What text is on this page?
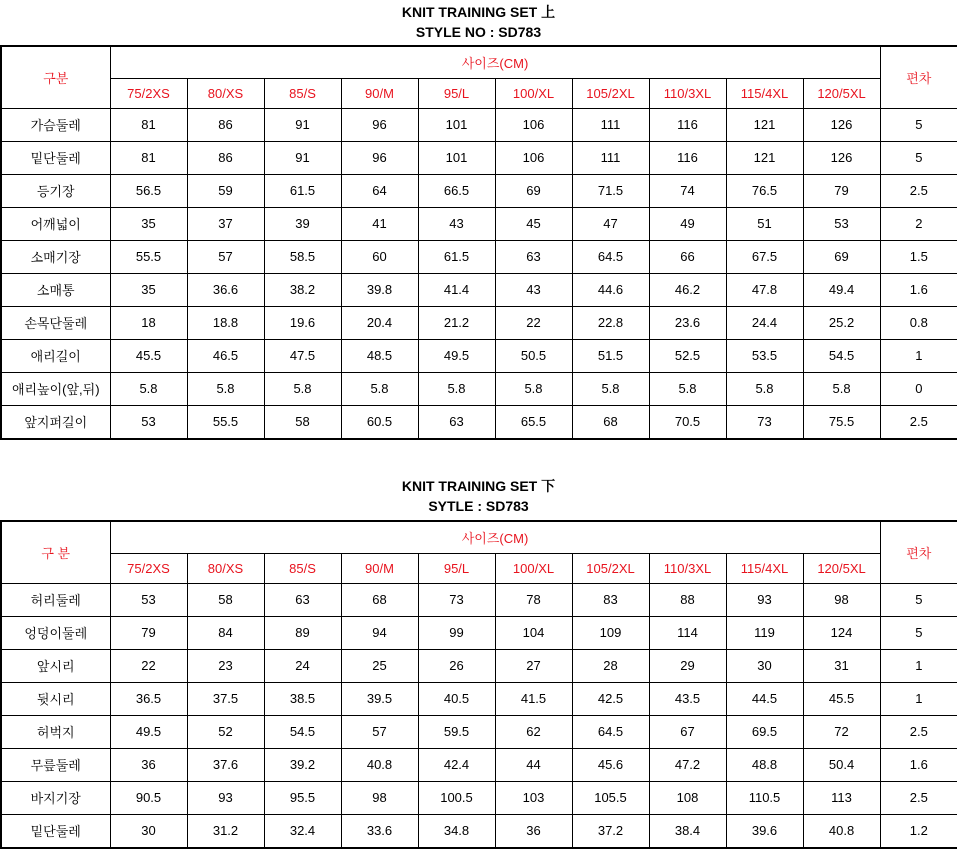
KNIT TRAINING SET 上
STYLE NO : SD783
구분	사이즈(CM)										편차
	75/2XS	80/XS	85/S	90/M	95/L	100/XL	105/2XL	110/3XL	115/4XL	120/5XL	
가슴둘레	81	86	91	96	101	106	111	116	121	126	5
밑단둘레	81	86	91	96	101	106	111	116	121	126	5
등기장	56.5	59	61.5	64	66.5	69	71.5	74	76.5	79	2.5
어깨넓이	35	37	39	41	43	45	47	49	51	53	2
소매기장	55.5	57	58.5	60	61.5	63	64.5	66	67.5	69	1.5
소매통	35	36.6	38.2	39.8	41.4	43	44.6	46.2	47.8	49.4	1.6
손목단둘레	18	18.8	19.6	20.4	21.2	22	22.8	23.6	24.4	25.2	0.8
애리길이	45.5	46.5	47.5	48.5	49.5	50.5	51.5	52.5	53.5	54.5	1
애리높이(앞,뒤)	5.8	5.8	5.8	5.8	5.8	5.8	5.8	5.8	5.8	5.8	0
앞지퍼길이	53	55.5	58	60.5	63	65.5	68	70.5	73	75.5	2.5
KNIT TRAINING SET 下
SYTLE : SD783
구 분	사이즈(CM)										편차
	75/2XS	80/XS	85/S	90/M	95/L	100/XL	105/2XL	110/3XL	115/4XL	120/5XL	
허리둘레	53	58	63	68	73	78	83	88	93	98	5
엉덩이둘레	79	84	89	94	99	104	109	114	119	124	5
앞시리	22	23	24	25	26	27	28	29	30	31	1
뒷시리	36.5	37.5	38.5	39.5	40.5	41.5	42.5	43.5	44.5	45.5	1
허벅지	49.5	52	54.5	57	59.5	62	64.5	67	69.5	72	2.5
무릎둘레	36	37.6	39.2	40.8	42.4	44	45.6	47.2	48.8	50.4	1.6
바지기장	90.5	93	95.5	98	100.5	103	105.5	108	110.5	113	2.5
밑단둘레	30	31.2	32.4	33.6	34.8	36	37.2	38.4	39.6	40.8	1.2
